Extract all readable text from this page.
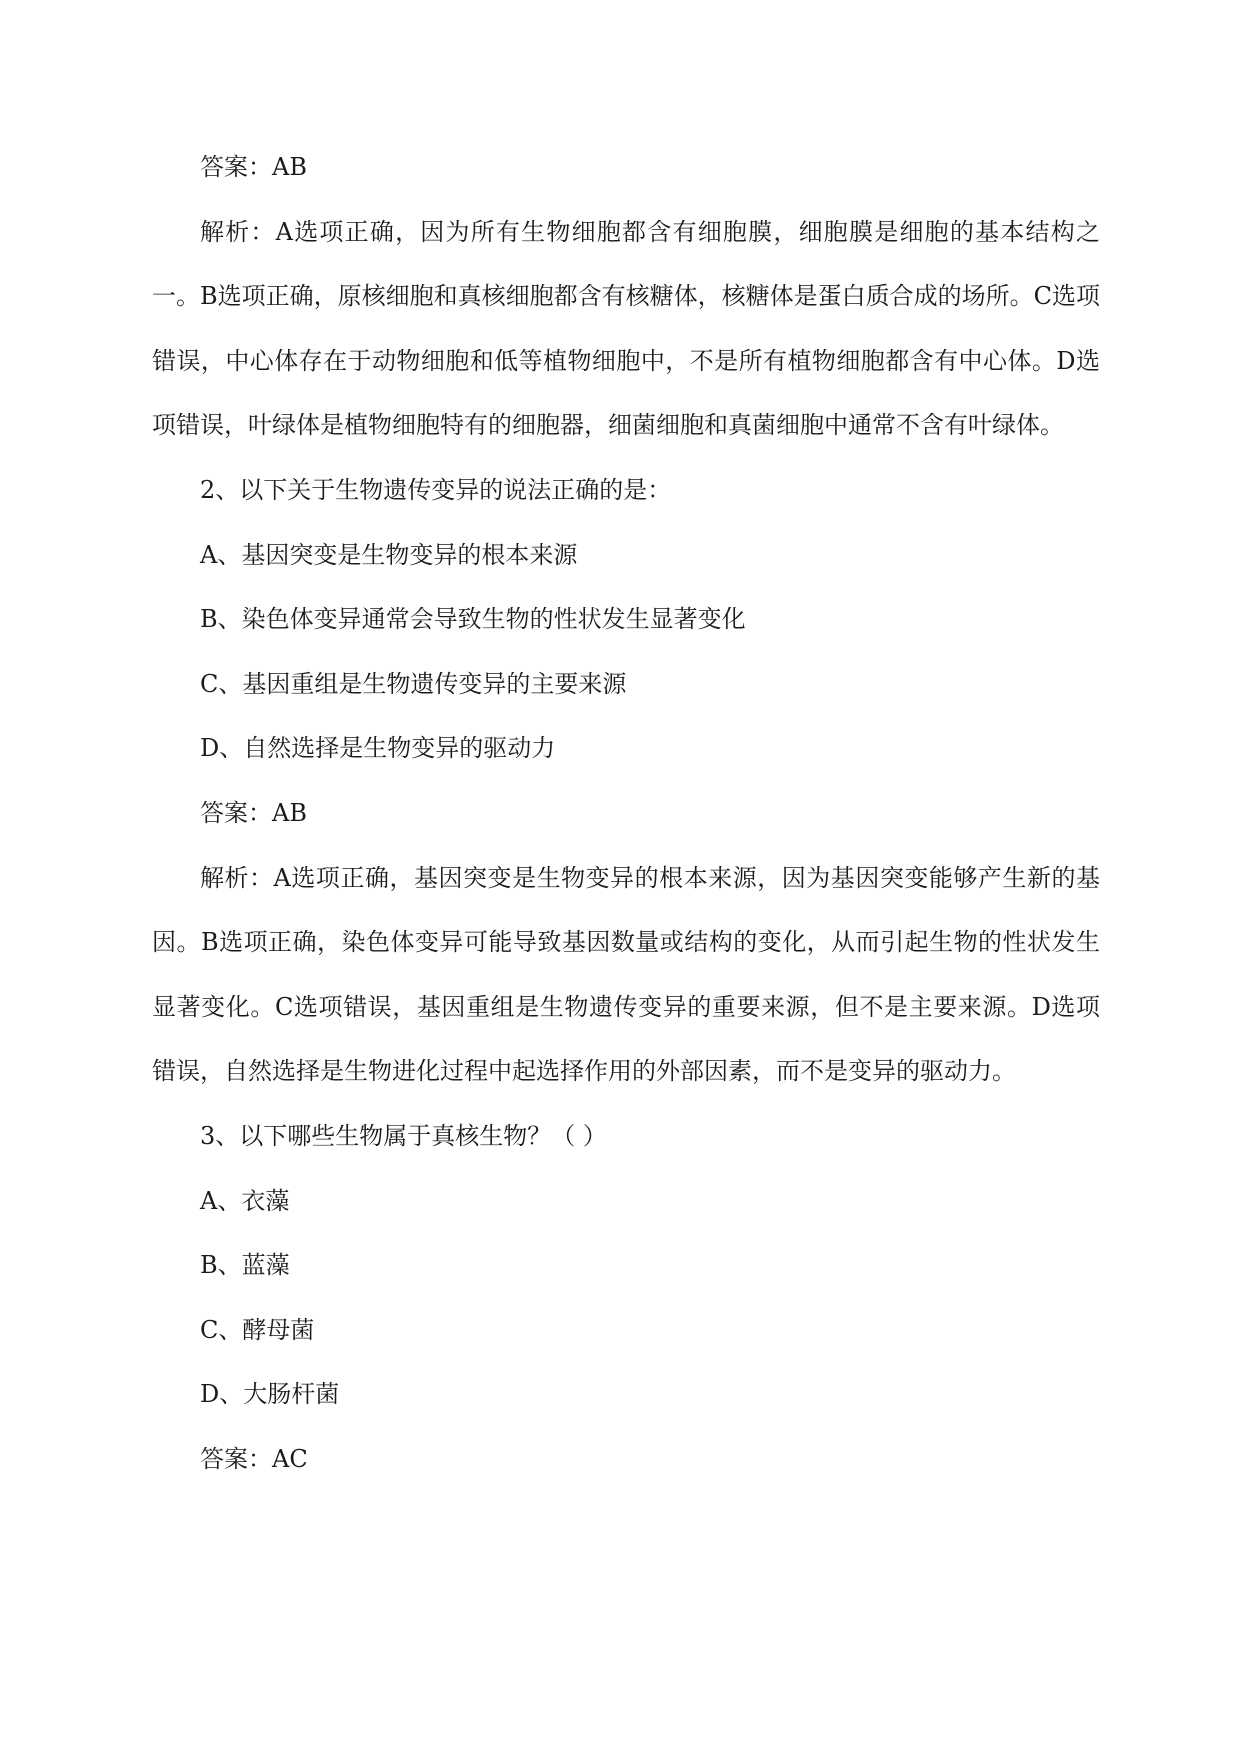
答案：AB

解析：A选项正确，因为所有生物细胞都含有细胞膜，细胞膜是细胞的基本结构之一。B选项正确，原核细胞和真核细胞都含有核糖体，核糖体是蛋白质合成的场所。C选项错误，中心体存在于动物细胞和低等植物细胞中，不是所有植物细胞都含有中心体。D选项错误，叶绿体是植物细胞特有的细胞器，细菌细胞和真菌细胞中通常不含有叶绿体。

2、以下关于生物遗传变异的说法正确的是：

A、基因突变是生物变异的根本来源

B、染色体变异通常会导致生物的性状发生显著变化

C、基因重组是生物遗传变异的主要来源

D、自然选择是生物变异的驱动力

答案：AB

解析：A选项正确，基因突变是生物变异的根本来源，因为基因突变能够产生新的基因。B选项正确，染色体变异可能导致基因数量或结构的变化，从而引起生物的性状发生显著变化。C选项错误，基因重组是生物遗传变异的重要来源，但不是主要来源。D选项错误，自然选择是生物进化过程中起选择作用的外部因素，而不是变异的驱动力。

3、以下哪些生物属于真核生物？（ ）

A、衣藻

B、蓝藻

C、酵母菌

D、大肠杆菌

答案：AC
